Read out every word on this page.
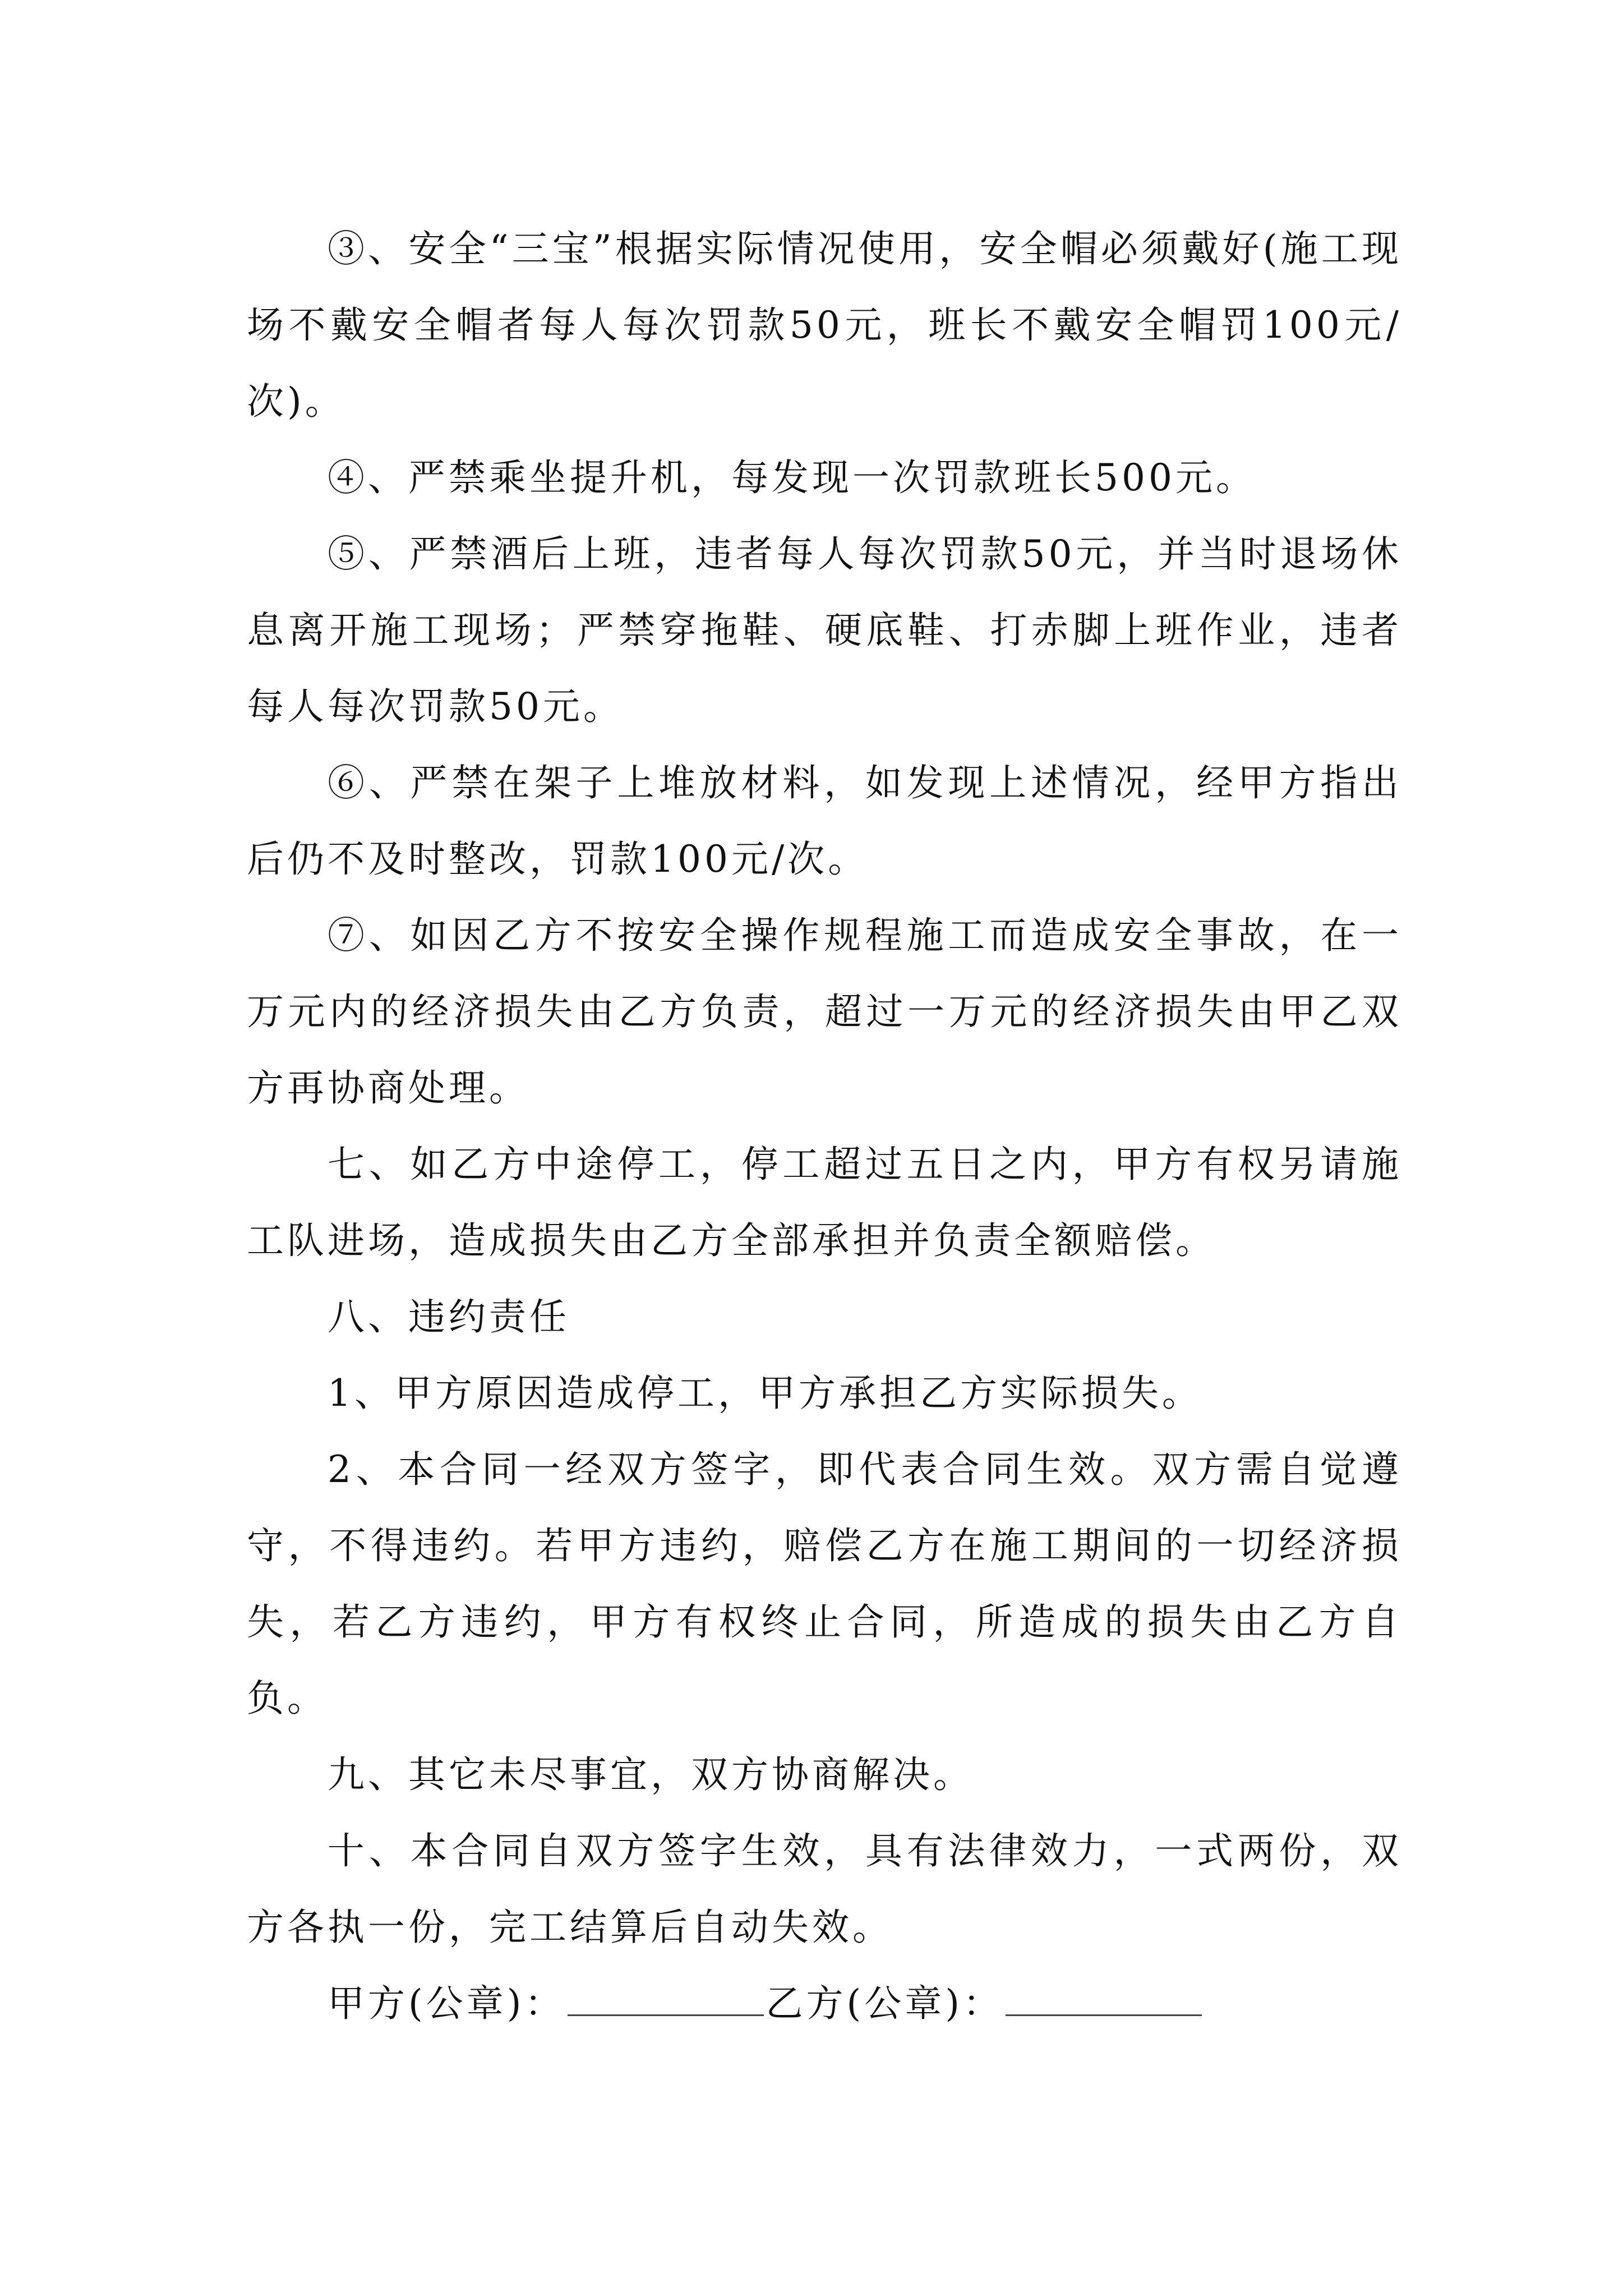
③、安全“三宝”根据实际情况使用，安全帽必须戴好(施工现场不戴安全帽者每人每次罚款50元，班长不戴安全帽罚100元/次)。

④、严禁乘坐提升机，每发现一次罚款班长500元。

⑤、严禁酒后上班，违者每人每次罚款50元，并当时退场休息离开施工现场；严禁穿拖鞋、硬底鞋、打赤脚上班作业，违者每人每次罚款50元。

⑥、严禁在架子上堆放材料，如发现上述情况，经甲方指出后仍不及时整改，罚款100元/次。

⑦、如因乙方不按安全操作规程施工而造成安全事故，在一万元内的经济损失由乙方负责，超过一万元的经济损失由甲乙双方再协商处理。

七、如乙方中途停工，停工超过五日之内，甲方有权另请施工队进场，造成损失由乙方全部承担并负责全额赔偿。

八、违约责任

1、甲方原因造成停工，甲方承担乙方实际损失。

2、本合同一经双方签字，即代表合同生效。双方需自觉遵守，不得违约。若甲方违约，赔偿乙方在施工期间的一切经济损失，若乙方违约，甲方有权终止合同，所造成的损失由乙方自负。

九、其它未尽事宜，双方协商解决。

十、本合同自双方签字生效，具有法律效力，一式两份，双方各执一份，完工结算后自动失效。

甲方(公章)：	乙方(公章)：
